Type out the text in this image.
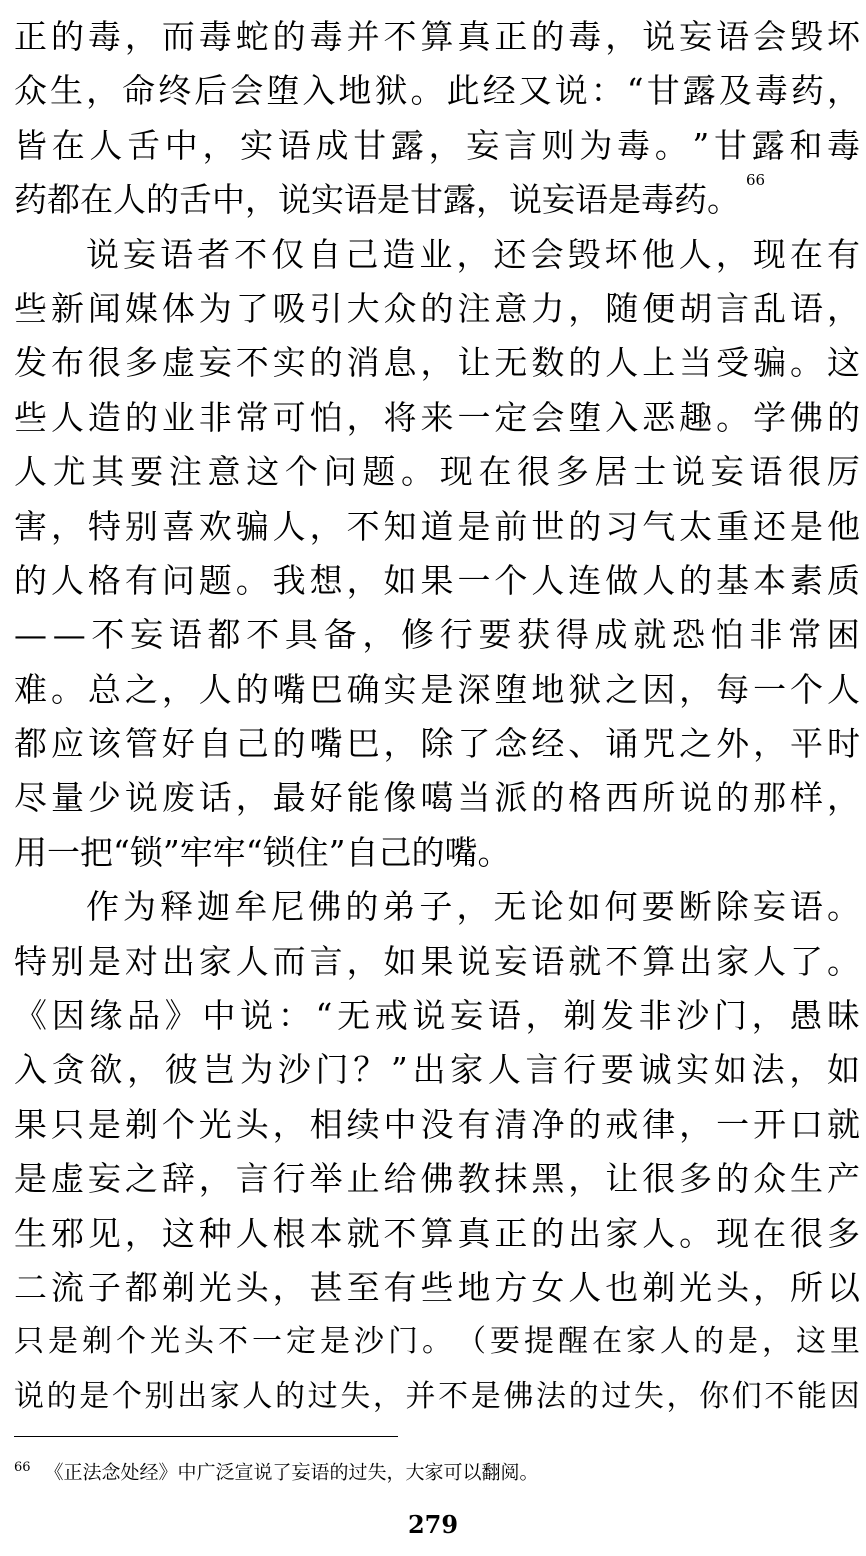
正 的 毒 ， 而 毒 蛇 的 毒 并 不 算 真 正 的 毒 ， 说 妄 语 会 毁 坏
众 生 ， 命 终 后 会 堕 入 地 狱 。 此 经 又 说 ： “ 甘 露 及 毒 药 ，
皆 在 人 舌 中 ， 实 语 成 甘 露 ， 妄 言 则 为 毒 。 ” 甘 露 和 毒
药 都 在 人 的 舌 中 ， 说 实 语 是 甘 露 ， 说 妄 语 是 毒 药 。 66
说 妄 语 者 不 仅 自 己 造 业 ， 还 会 毁 坏 他 人 ， 现 在 有
些 新 闻 媒 体 为 了 吸 引 大 众 的 注 意 力 ， 随 便 胡 言 乱 语 ，
发 布 很 多 虚 妄 不 实 的 消 息 ， 让 无 数 的 人 上 当 受 骗 。 这
些 人 造 的 业 非 常 可 怕 ， 将 来 一 定 会 堕 入 恶 趣 。 学 佛 的
人 尤 其 要 注 意 这 个 问 题 。 现 在 很 多 居 士 说 妄 语 很 厉
害 ， 特 别 喜 欢 骗 人 ， 不 知 道 是 前 世 的 习 气 太 重 还 是 他
的 人 格 有 问 题 。 我 想 ， 如 果 一 个 人 连 做 人 的 基 本 素 质
— — 不 妄 语 都 不 具 备 ， 修 行 要 获 得 成 就 恐 怕 非 常 困
难 。 总 之 ， 人 的 嘴 巴 确 实 是 深 堕 地 狱 之 因 ， 每 一 个 人
都 应 该 管 好 自 己 的 嘴 巴 ， 除 了 念 经 、 诵 咒 之 外 ， 平 时
尽 量 少 说 废 话 ， 最 好 能 像 噶 当 派 的 格 西 所 说 的 那 样 ，
用 一 把 “ 锁 ” 牢 牢 “ 锁 住 ” 自 己 的 嘴 。
作 为 释 迦 牟 尼 佛 的 弟 子 ， 无 论 如 何 要 断 除 妄 语 。
特 别 是 对 出 家 人 而 言 ， 如 果 说 妄 语 就 不 算 出 家 人 了 。
《 因 缘 品 》 中 说 ： “ 无 戒 说 妄 语 ， 剃 发 非 沙 门 ， 愚 昧
入 贪 欲 ， 彼 岂 为 沙 门 ？ ” 出 家 人 言 行 要 诚 实 如 法 ， 如
果 只 是 剃 个 光 头 ， 相 续 中 没 有 清 净 的 戒 律 ， 一 开 口 就
是 虚 妄 之 辞 ， 言 行 举 止 给 佛 教 抹 黑 ， 让 很 多 的 众 生 产
生 邪 见 ， 这 种 人 根 本 就 不 算 真 正 的 出 家 人 。 现 在 很 多
二 流 子 都 剃 光 头 ， 甚 至 有 些 地 方 女 人 也 剃 光 头 ， 所 以
只 是 剃 个 光 头 不 一 定 是 沙 门 。 （ 要 提 醒 在 家 人 的 是 ， 这 里
说 的 是 个 别 出 家 人 的 过 失 ， 并 不 是 佛 法 的 过 失 ， 你 们 不 能 因
$^{66}$ 《正法念处经》中广泛宣说了妄语的过失，大家可以翻阅。
279
